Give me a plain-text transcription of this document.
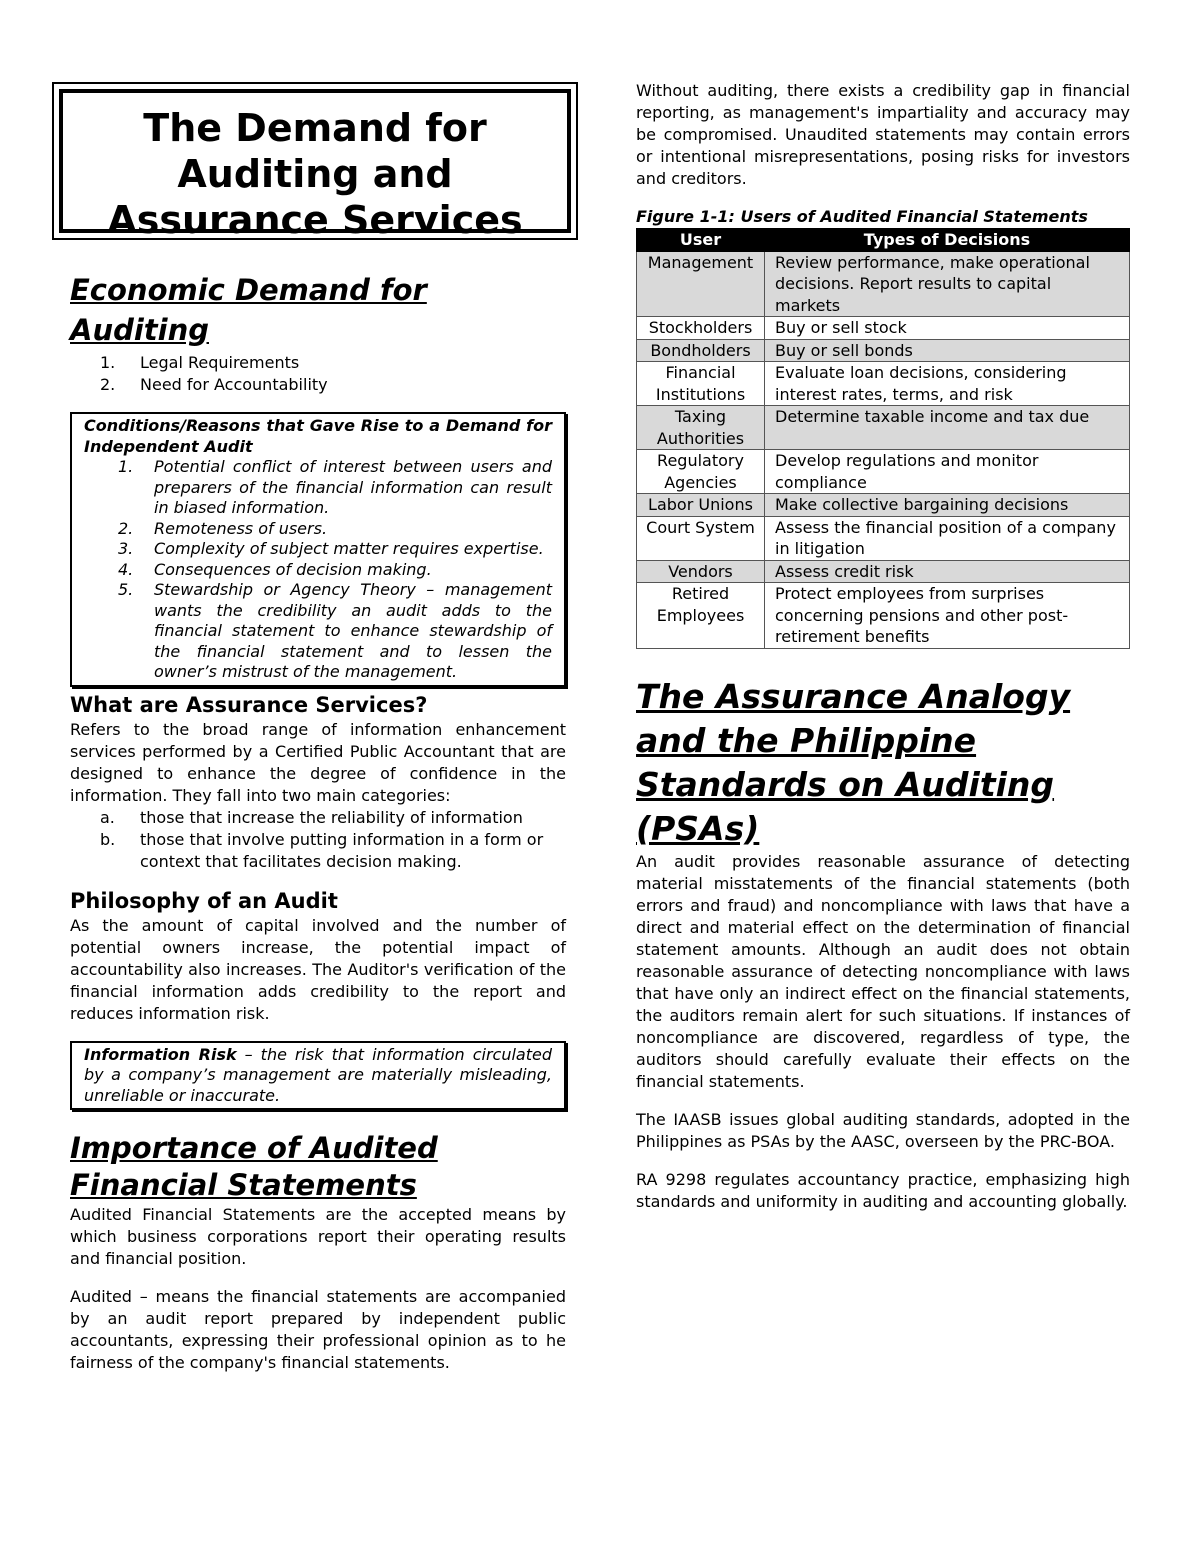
The Demand for Auditing and Assurance Services
Economic Demand for Auditing
1.	Legal Requirements
2.	Need for Accountability
Conditions/Reasons that Gave Rise to a Demand for Independent Audit
1.	Potential conflict of interest between users and preparers of the financial information can result in biased information.
2.	Remoteness of users.
3.	Complexity of subject matter requires expertise.
4.	Consequences of decision making.
5.	Stewardship or Agency Theory – management wants the credibility an audit adds to the financial statement to enhance stewardship of the financial statement and to lessen the owner’s mistrust of the management.
What are Assurance Services?

Refers to the broad range of information enhancement services performed by a Certified Public Accountant that are designed to enhance the degree of confidence in the information. They fall into two main categories:

a.	those that increase the reliability of information
b.	those that involve putting information in a form or context that facilitates decision making.
Philosophy of an Audit

As the amount of capital involved and the number of potential owners increase, the potential impact of accountability also increases. The Auditor's verification of the financial information adds credibility to the report and reduces information risk.

Information Risk – the risk that information circulated by a company’s management are materially misleading, unreliable or inaccurate.
Importance of Audited Financial Statements

Audited Financial Statements are the accepted means by which business corporations report their operating results and financial position.

Audited – means the financial statements are accompanied by an audit report prepared by independent public accountants, expressing their professional opinion as to he fairness of the company's financial statements.

Without auditing, there exists a credibility gap in financial reporting, as management's impartiality and accuracy may be compromised. Unaudited statements may contain errors or intentional misrepresentations, posing risks for investors and creditors.

Figure 1-1: Users of Audited Financial Statements
User	Types of Decisions
Management	Review performance, make operational decisions. Report results to capital markets
Stockholders	Buy or sell stock
Bondholders	Buy or sell bonds
Financial Institutions	Evaluate loan decisions, considering interest rates, terms, and risk
Taxing Authorities	Determine taxable income and tax due
Regulatory Agencies	Develop regulations and monitor compliance
Labor Unions	Make collective bargaining decisions
Court System	Assess the financial position of a company in litigation
Vendors	Assess credit risk
Retired Employees	Protect employees from surprises concerning pensions and other post-retirement benefits
The Assurance Analogy and the Philippine Standards on Auditing (PSAs)

An audit provides reasonable assurance of detecting material misstatements of the financial statements (both errors and fraud) and noncompliance with laws that have a direct and material effect on the determination of financial statement amounts. Although an audit does not obtain reasonable assurance of detecting noncompliance with laws that have only an indirect effect on the financial statements, the auditors remain alert for such situations. If instances of noncompliance are discovered, regardless of type, the auditors should carefully evaluate their effects on the financial statements.

The IAASB issues global auditing standards, adopted in the Philippines as PSAs by the AASC, overseen by the PRC-BOA.

RA 9298 regulates accountancy practice, emphasizing high standards and uniformity in auditing and accounting globally.
